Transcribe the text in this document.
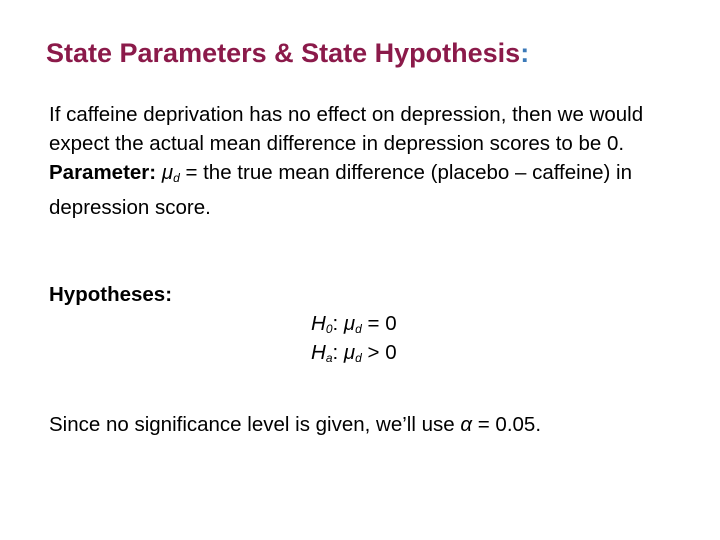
State Parameters & State Hypothesis:

If caffeine deprivation has no effect on depression, then we would expect the actual mean difference in depression scores to be 0.

Parameter: $\mu_d$ = the true mean difference (placebo – caffeine) in depression score.

Hypotheses:
$H_0$: $\mu_d = 0$
$H_a$: $\mu_d > 0$
Since no significance level is given, we’ll use α = 0.05.
